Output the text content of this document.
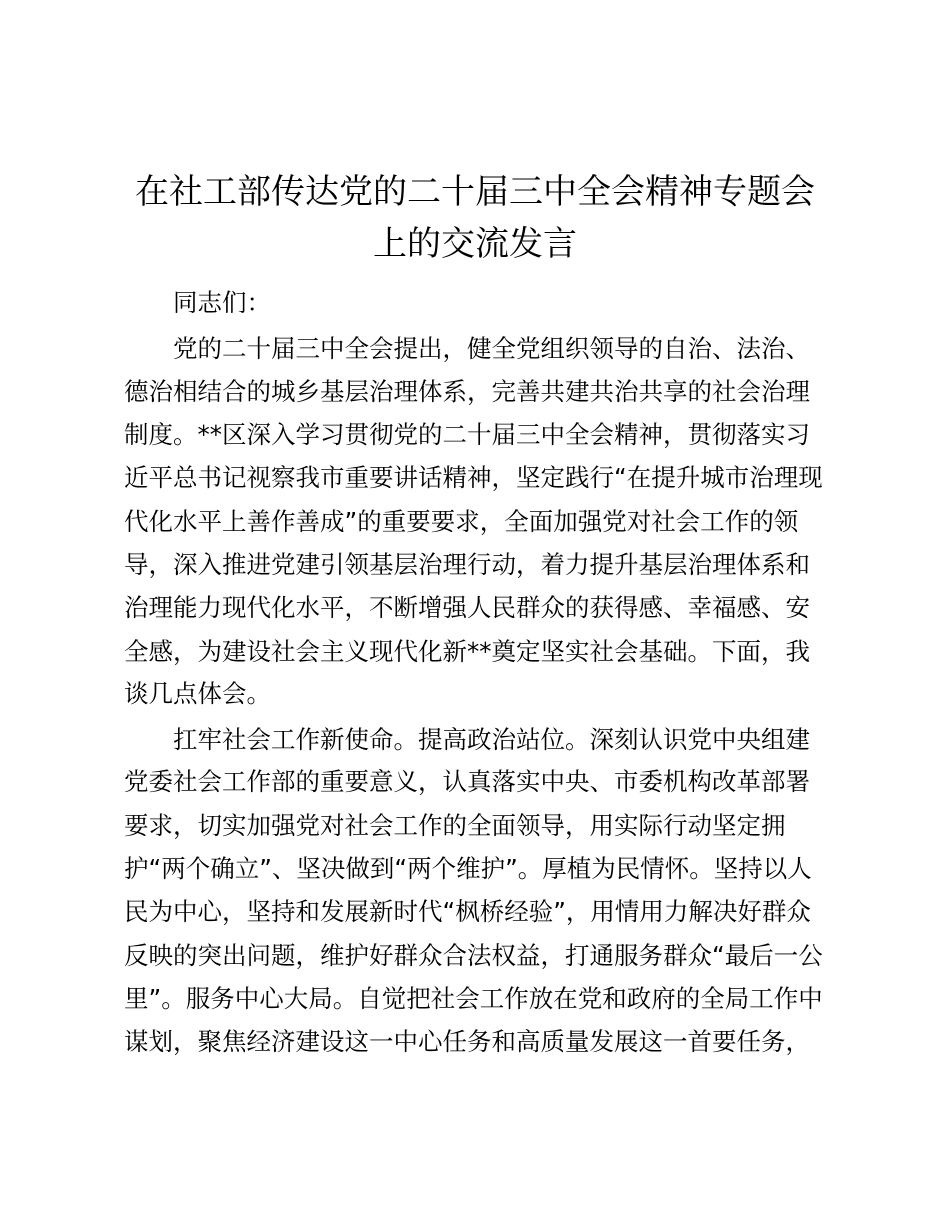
在社工部传达党的二十届三中全会精神专题会
上的交流发言

同志们：

党的二十届三中全会提出，健全党组织领导的自治、法治、

德治相结合的城乡基层治理体系，完善共建共治共享的社会治理

制度。**区深入学习贯彻党的二十届三中全会精神，贯彻落实习

近平总书记视察我市重要讲话精神，坚定践行“在提升城市治理现

代化水平上善作善成”的重要要求，全面加强党对社会工作的领

导，深入推进党建引领基层治理行动，着力提升基层治理体系和

治理能力现代化水平，不断增强人民群众的获得感、幸福感、安

全感，为建设社会主义现代化新**奠定坚实社会基础。下面，我

谈几点体会。

扛牢社会工作新使命。提高政治站位。深刻认识党中央组建

党委社会工作部的重要意义，认真落实中央、市委机构改革部署

要求，切实加强党对社会工作的全面领导，用实际行动坚定拥

护“两个确立”、坚决做到“两个维护”。厚植为民情怀。坚持以人

民为中心，坚持和发展新时代“枫桥经验”，用情用力解决好群众

反映的突出问题，维护好群众合法权益，打通服务群众“最后一公

里”。服务中心大局。自觉把社会工作放在党和政府的全局工作中

谋划，聚焦经济建设这一中心任务和高质量发展这一首要任务，
